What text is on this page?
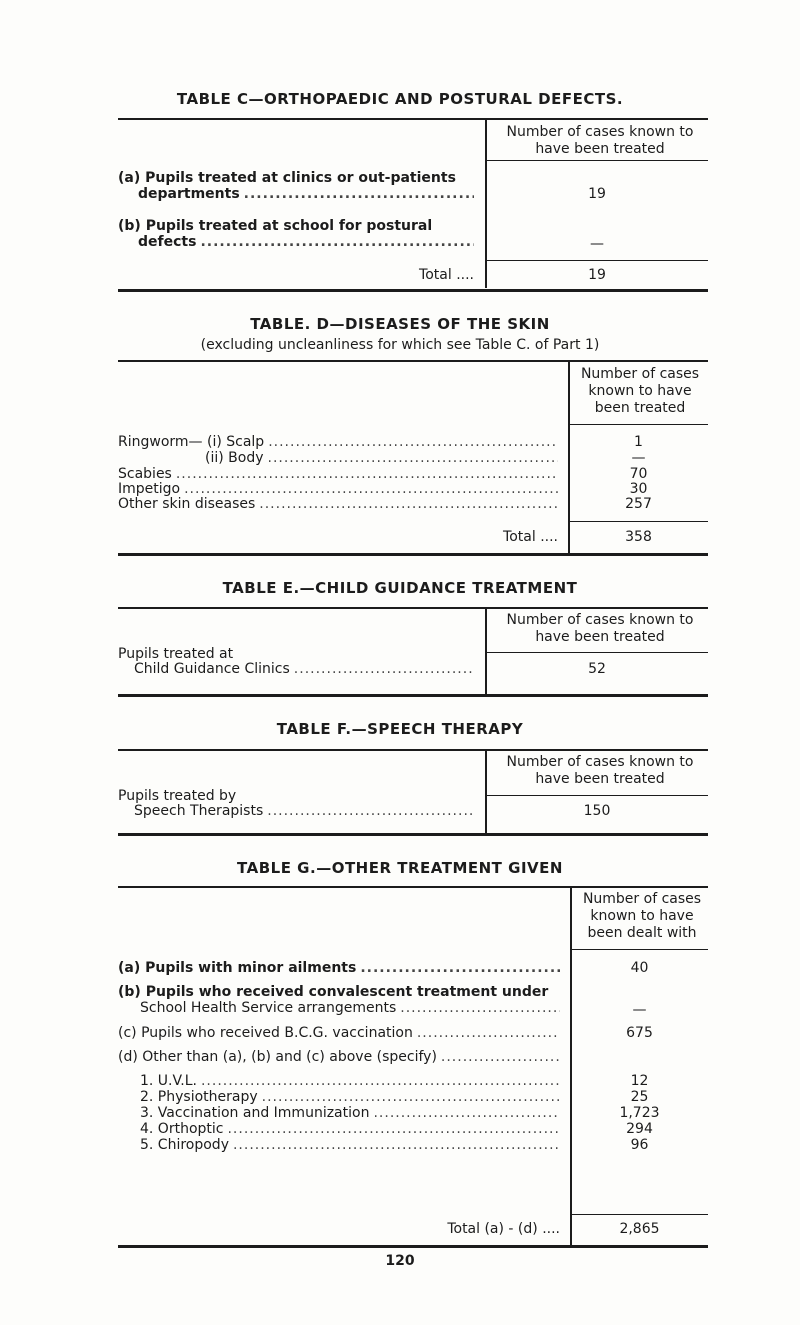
TABLE C—ORTHOPAEDIC AND POSTURAL DEFECTS.
Number of cases known to have been treated
(a) Pupils treated at clinics or out-patients
departments .....	19
(b) Pupils treated at school for postural
defects .....	—
Total ....	19
TABLE. D—DISEASES OF THE SKIN
(excluding uncleanliness for which see Table C. of Part 1)
Number of cases known to have been treated
Ringworm— (i) Scalp .....	1
(ii) Body .....	—
Scabies .....	70
Impetigo .....	30
Other skin diseases .....	257
Total ....	358
TABLE E.—CHILD GUIDANCE TREATMENT
Number of cases known to have been treated
Pupils treated at
Child Guidance Clinics .....	52
TABLE F.—SPEECH THERAPY
Number of cases known to have been treated
Pupils treated by
Speech Therapists .....	150
TABLE G.—OTHER TREATMENT GIVEN
Number of cases known to have been dealt with
(a) Pupils with minor ailments .....	40
(b) Pupils who received convalescent treatment under
School Health Service arrangements .....	—
(c) Pupils who received B.C.G. vaccination .....	675
(d) Other than (a), (b) and (c) above (specify)
.....
1. U.V.L. .....	12
2. Physiotherapy .....	25
3. Vaccination and Immunization .....	1,723
4. Orthoptic .....	294
5. Chiropody .....	96
Total (a) - (d) ....	2,865
120
